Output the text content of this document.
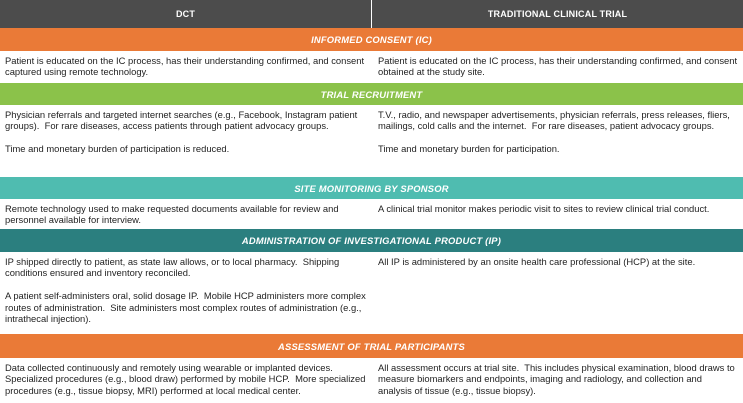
DCT	TRADITIONAL CLINICAL TRIAL
INFORMED CONSENT (IC)
Patient is educated on the IC process, has their understanding confirmed, and consent captured using remote technology.
Patient is educated on the IC process, has their understanding confirmed, and consent obtained at the study site.
TRIAL RECRUITMENT
Physician referrals and targeted internet searches (e.g., Facebook, Instagram patient groups).  For rare diseases, access patients through patient advocacy groups.

Time and monetary burden of participation is reduced.
T.V., radio, and newspaper advertisements, physician referrals, press releases, fliers, mailings, cold calls and the internet.  For rare diseases, patient advocacy groups.

Time and monetary burden for participation.
SITE MONITORING BY SPONSOR
Remote technology used to make requested documents available for review and personnel available for interview.
A clinical trial monitor makes periodic visit to sites to review clinical trial conduct.
ADMINISTRATION OF INVESTIGATIONAL PRODUCT (IP)
IP shipped directly to patient, as state law allows, or to local pharmacy.  Shipping conditions ensured and inventory reconciled.

A patient self-administers oral, solid dosage IP.  Mobile HCP administers more complex routes of administration.  Site administers most complex routes of administration (e.g., intrathecal injection).
All IP is administered by an onsite health care professional (HCP) at the site.
ASSESSMENT OF TRIAL PARTICIPANTS
Data collected continuously and remotely using wearable or implanted devices.  Specialized procedures (e.g., blood draw) performed by mobile HCP.  More specialized procedures (e.g., tissue biopsy, MRI) performed at local medical center.
All assessment occurs at trial site.  This includes physical examination, blood draws to measure biomarkers and endpoints, imaging and radiology, and collection and analysis of tissue (e.g., tissue biopsy).
